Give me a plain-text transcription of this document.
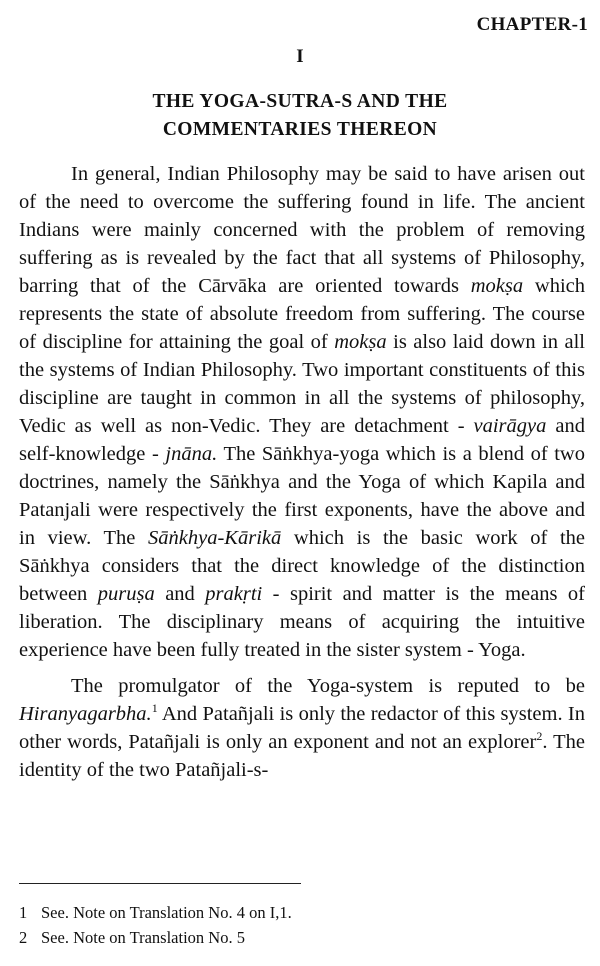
CHAPTER-1
I
THE YOGA-SUTRA-S AND THE
COMMENTARIES THEREON

In general, Indian Philosophy may be said to have arisen out of the need to overcome the suffering found in life. The ancient Indians were mainly concerned with the problem of removing suffering as is revealed by the fact that all systems of Philosophy, barring that of the Cārvāka are oriented towards mokṣa which represents the state of absolute freedom from suffering. The course of discipline for attaining the goal of mokṣa is also laid down in all the systems of Indian Philosophy. Two important constituents of this discipline are taught in common in all the systems of philosophy, Vedic as well as non-Vedic. They are detachment - vairāgya and self-knowledge - jnāna. The Sāṅkhya-yoga which is a blend of two doctrines, namely the Sāṅkhya and the Yoga of which Kapila and Patanjali were respectively the first exponents, have the above and in view. The Sāṅkhya-Kārikā which is the basic work of the Sāṅkhya considers that the direct knowledge of the distinction between puruṣa and prakṛti - spirit and matter is the means of liberation. The disciplinary means of acquiring the intuitive experience have been fully treated in the sister system - Yoga.

The promulgator of the Yoga-system is reputed to be Hiranyagarbha.$^1$ And Patañjali is only the redactor of this system. In other words, Patañjali is only an exponent and not an explorer$^2$. The identity of the two Patañjali-s-

1 See. Note on Translation No. 4 on I,1.
2 See. Note on Translation No. 5
